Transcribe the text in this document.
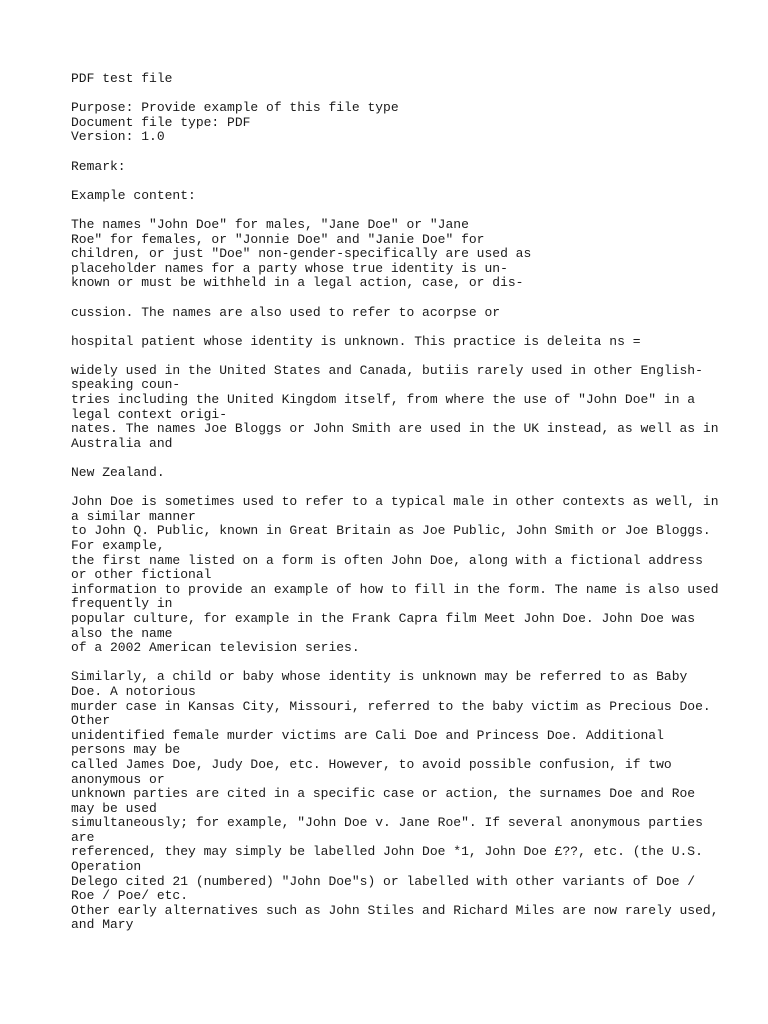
PDF test file
Purpose: Provide example of this file type
Document file type: PDF
Version: 1.0
Remark:
Example content:
The names "John Doe" for males, "Jane Doe" or "Jane
Roe" for females, or "Jonnie Doe" and "Janie Doe" for
children, or just "Doe" non-gender-specifically are used as
placeholder names for a party whose true identity is un-
known or must be withheld in a legal action, case, or dis-
cussion. The names are also used to refer to acorpse or
hospital patient whose identity is unknown. This practice is deleita ns =
widely used in the United States and Canada, butiis rarely used in other English-
speaking coun-
tries including the United Kingdom itself, from where the use of "John Doe" in a
legal context origi-
nates. The names Joe Bloggs or John Smith are used in the UK instead, as well as in
Australia and
New Zealand.
John Doe is sometimes used to refer to a typical male in other contexts as well, in
a similar manner
to John Q. Public, known in Great Britain as Joe Public, John Smith or Joe Bloggs.
For example,
the first name listed on a form is often John Doe, along with a fictional address
or other fictional
information to provide an example of how to fill in the form. The name is also used
frequently in
popular culture, for example in the Frank Capra film Meet John Doe. John Doe was
also the name
of a 2002 American television series.
Similarly, a child or baby whose identity is unknown may be referred to as Baby
Doe. A notorious
murder case in Kansas City, Missouri, referred to the baby victim as Precious Doe.
Other
unidentified female murder victims are Cali Doe and Princess Doe. Additional
persons may be
called James Doe, Judy Doe, etc. However, to avoid possible confusion, if two
anonymous or
unknown parties are cited in a specific case or action, the surnames Doe and Roe
may be used
simultaneously; for example, "John Doe v. Jane Roe". If several anonymous parties
are
referenced, they may simply be labelled John Doe *1, John Doe £??, etc. (the U.S.
Operation
Delego cited 21 (numbered) "John Doe"s) or labelled with other variants of Doe /
Roe / Poe/ etc.
Other early alternatives such as John Stiles and Richard Miles are now rarely used,
and Mary
